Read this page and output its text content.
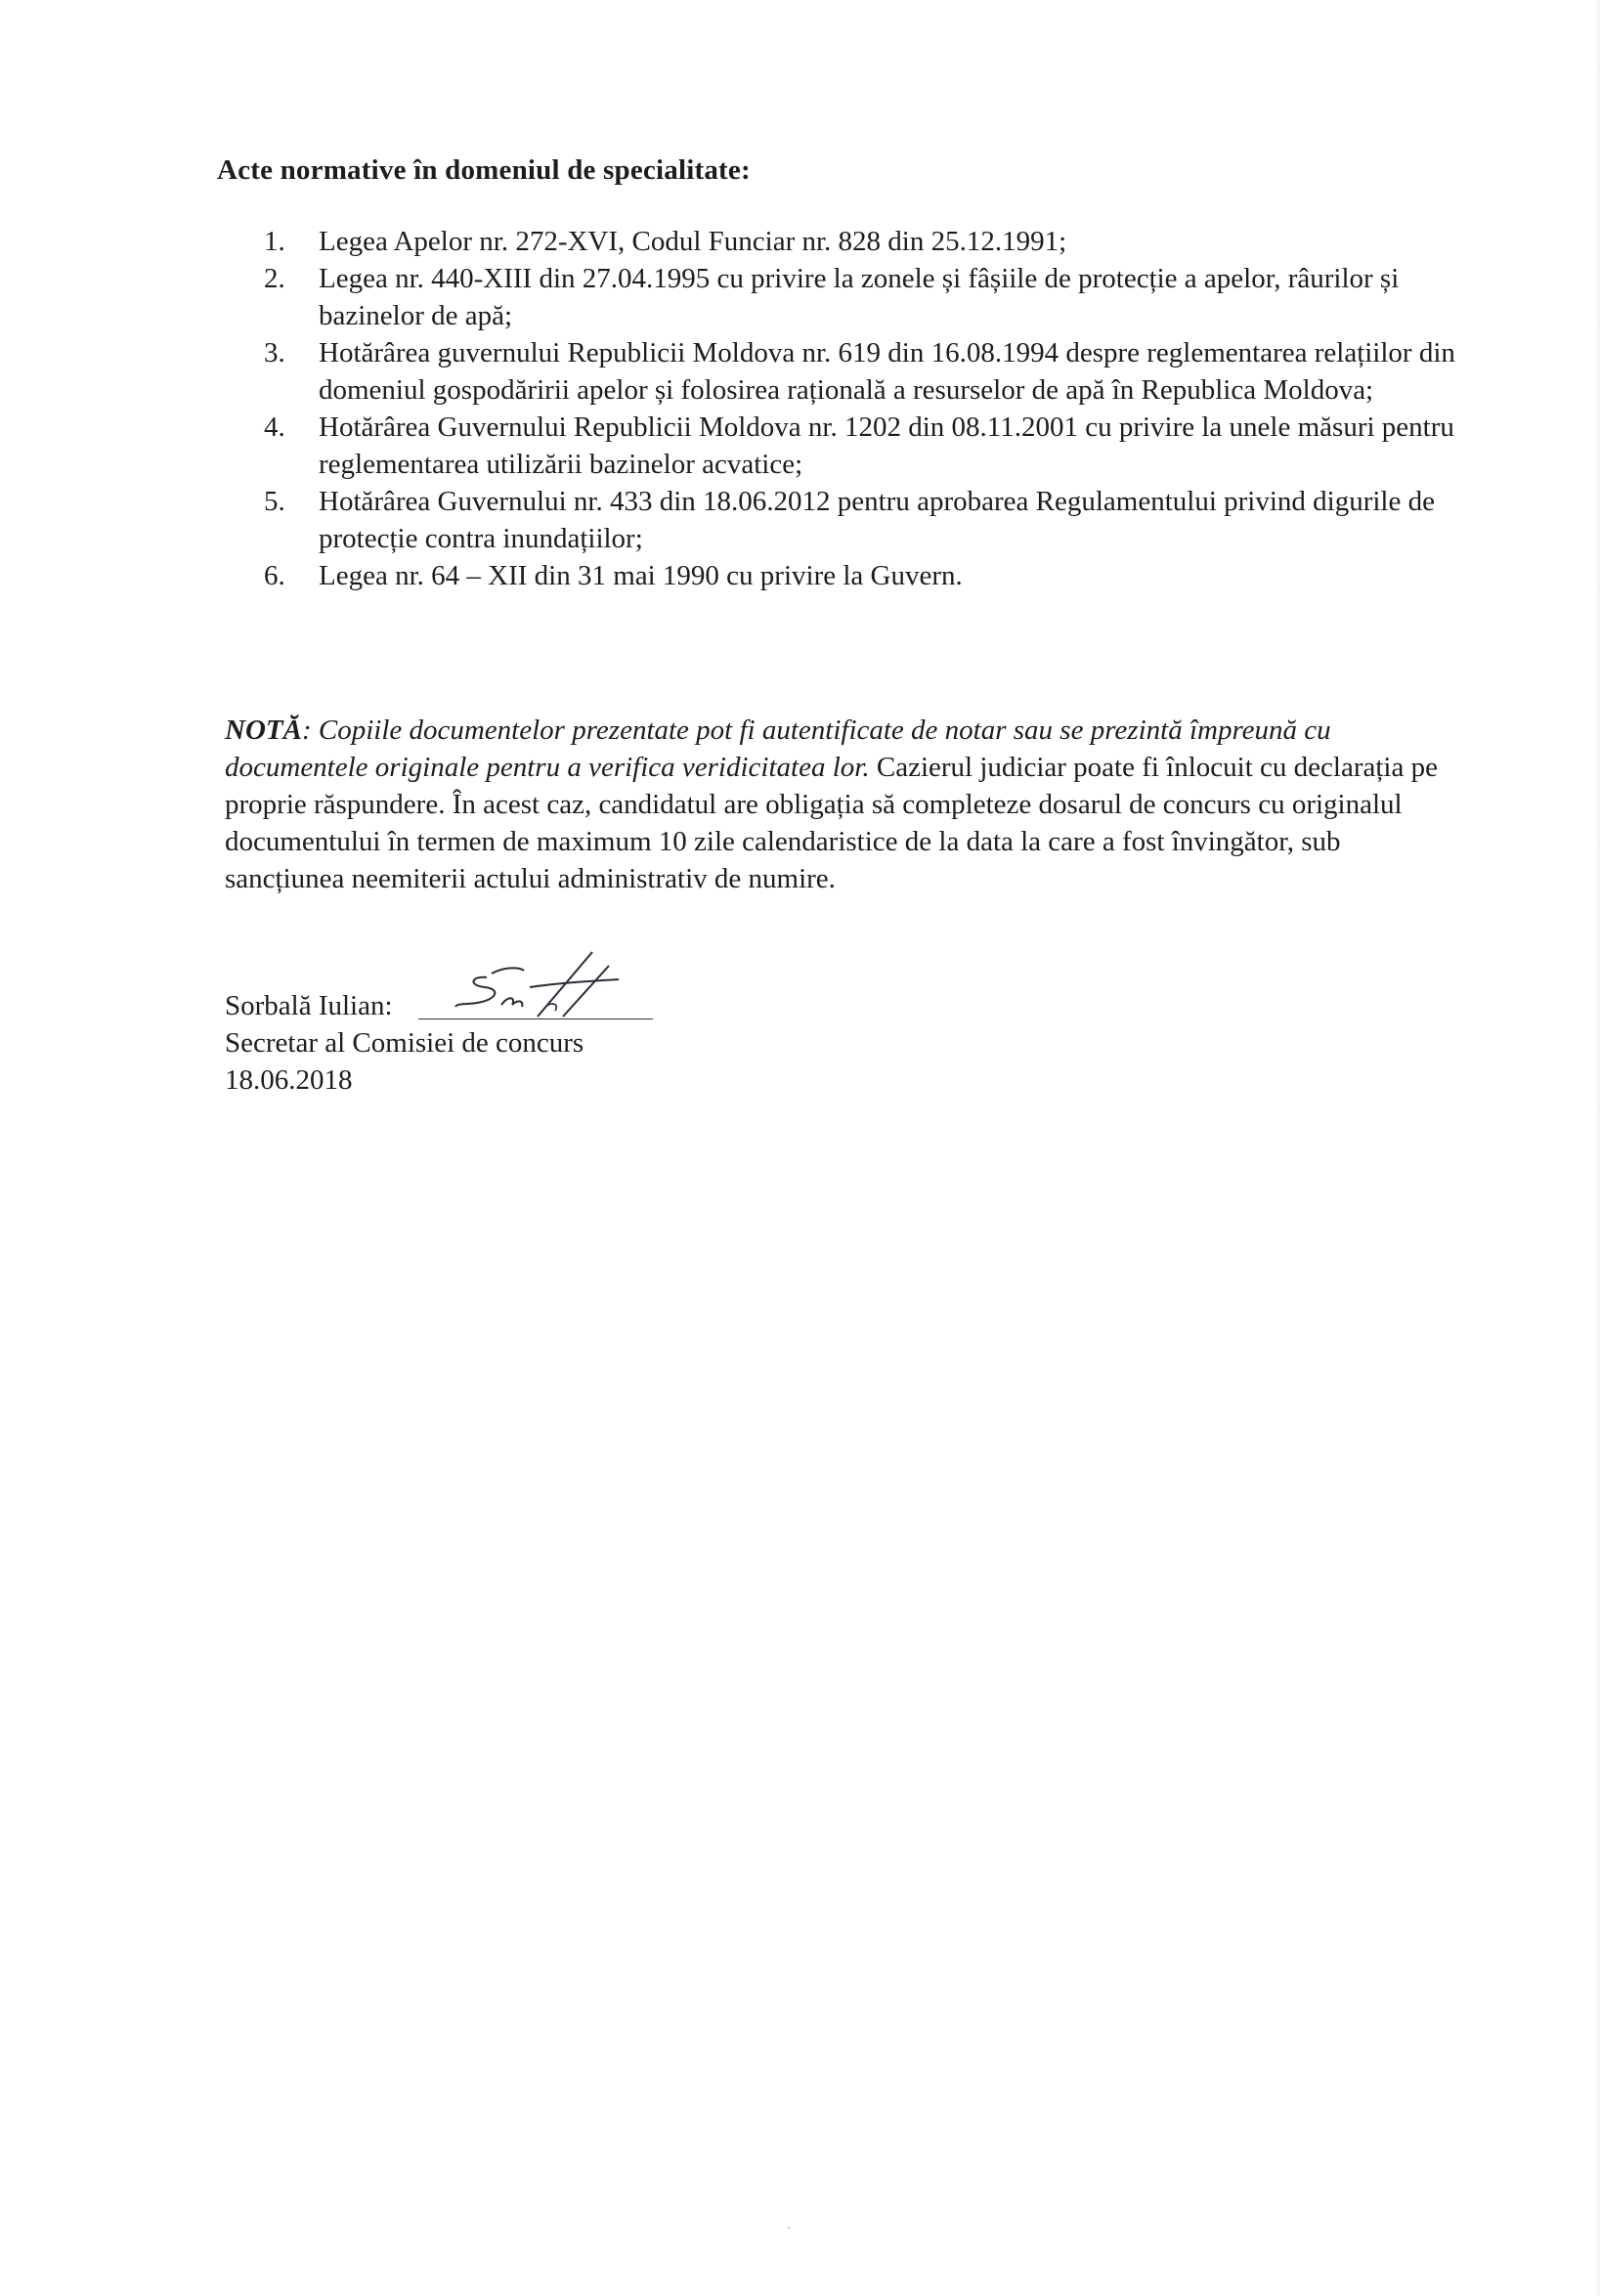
Acte normative în domeniul de specialitate:
1. Legea Apelor nr. 272-XVI, Codul Funciar nr. 828 din 25.12.1991;
2. Legea nr. 440-XIII din 27.04.1995 cu privire la zonele și fâșiile de protecție a apelor, râurilor și bazinelor de apă;
3. Hotărârea guvernului Republicii Moldova nr. 619 din 16.08.1994 despre reglementarea relațiilor din domeniul gospodăririi apelor și folosirea rațională a resurselor de apă în Republica Moldova;
4. Hotărârea Guvernului Republicii Moldova nr. 1202 din 08.11.2001 cu privire la unele măsuri pentru reglementarea utilizării bazinelor acvatice;
5. Hotărârea Guvernului nr. 433 din 18.06.2012 pentru aprobarea Regulamentului privind digurile de protecție contra inundațiilor;
6. Legea nr. 64 – XII din 31 mai 1990 cu privire la Guvern.

NOTĂ: Copiile documentelor prezentate pot fi autentificate de notar sau se prezintă împreună cu documentele originale pentru a verifica veridicitatea lor. Cazierul judiciar poate fi înlocuit cu declarația pe proprie răspundere. În acest caz, candidatul are obligația să completeze dosarul de concurs cu originalul documentului în termen de maximum 10 zile calendaristice de la data la care a fost învingător, sub sancțiunea neemiterii actului administrativ de numire.

Sorbală Iulian:
Secretar al Comisiei de concurs
18.06.2018
